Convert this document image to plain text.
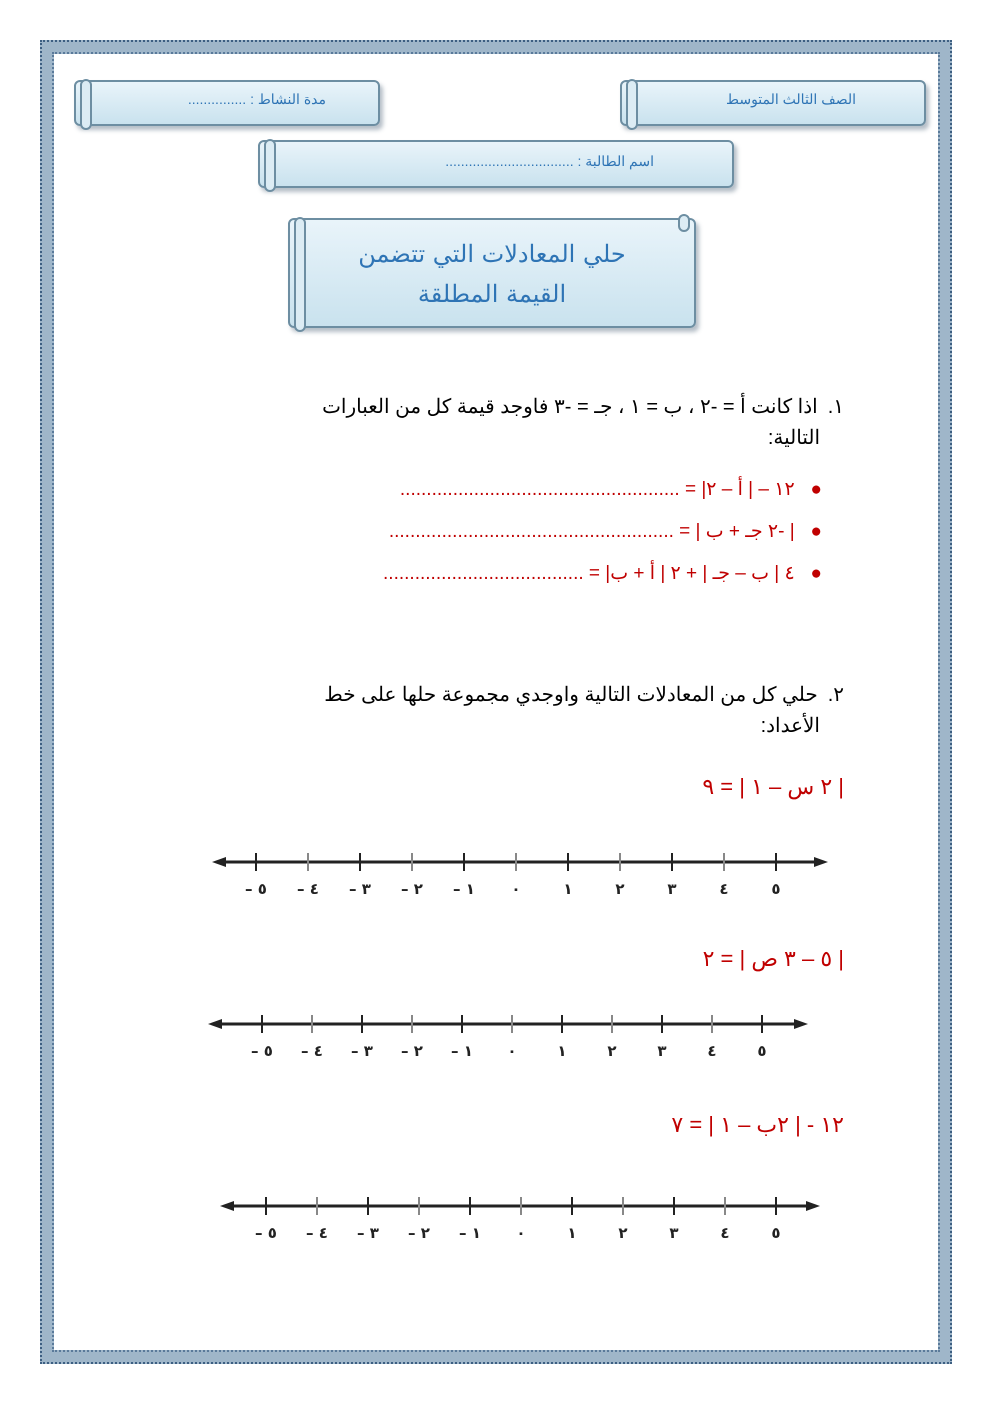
الصف الثالث المتوسط
مدة النشاط : ...............
اسم الطالبة : .................................
حلي المعادلات التي تتضمن
القيمة المطلقة
١.
اذا كانت أ = -٢ ، ب = ١ ، جـ = -٣ فاوجد قيمة كل من العبارات
التالية:
●   ١٢ – | أ – ٢| = .....................................................
●   | -٢ جـ + ب | = ......................................................
●   ٤ | ب – جـ | + ٢ | أ + ب| = ......................................
٢.
حلي كل من المعادلات التالية واوجدي مجموعة حلها على خط
الأعداد:
| ٢ س – ١ | = ٩
| ٥ – ٣ ص | = ٢
١٢ - | ٢ب – ١ | = ٧
٥ – ٤ – ٣ – ٢ – ١ – ٠	١	٢	٣	٤	٥
٥ – ٤ – ٣ – ٢ – ١ – ٠	١	٢	٣	٤	٥
٥ – ٤ – ٣ – ٢ – ١ – ٠	١	٢	٣	٤	٥
